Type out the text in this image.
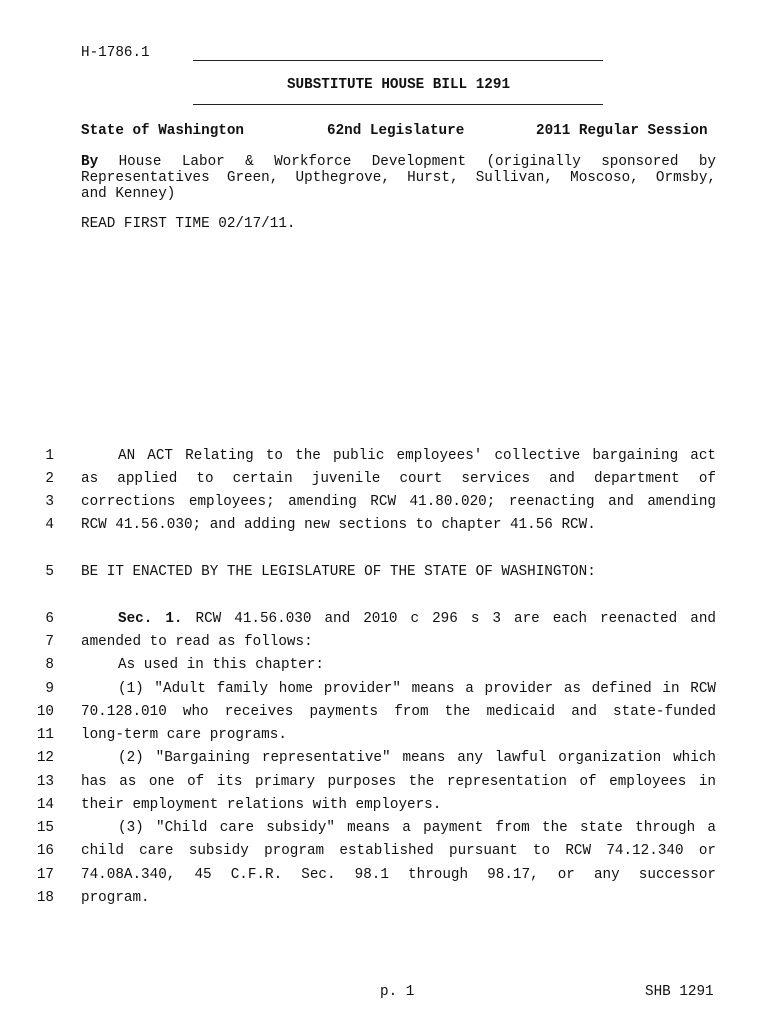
H-1786.1
SUBSTITUTE HOUSE BILL 1291
State of Washington	62nd Legislature	2011 Regular Session
By House Labor & Workforce Development (originally sponsored by
Representatives Green, Upthegrove, Hurst, Sullivan, Moscoso, Ormsby,
and Kenney)
READ FIRST TIME 02/17/11.
1	AN ACT Relating to the public employees' collective bargaining act
2 as applied to certain juvenile court services and department of
3 corrections employees; amending RCW 41.80.020; reenacting and amending
4 RCW 41.56.030; and adding new sections to chapter 41.56 RCW.
5 BE IT ENACTED BY THE LEGISLATURE OF THE STATE OF WASHINGTON:
6	Sec. 1. RCW 41.56.030 and 2010 c 296 s 3 are each reenacted and
7 amended to read as follows:
8	As used in this chapter:
9	(1) "Adult family home provider" means a provider as defined in RCW
10 70.128.010 who receives payments from the medicaid and state-funded
11 long-term care programs.
12	(2) "Bargaining representative" means any lawful organization which
13 has as one of its primary purposes the representation of employees in
14 their employment relations with employers.
15	(3) "Child care subsidy" means a payment from the state through a
16 child care subsidy program established pursuant to RCW 74.12.340 or
17 74.08A.340, 45 C.F.R. Sec. 98.1 through 98.17, or any successor
18 program.
p. 1	SHB 1291
